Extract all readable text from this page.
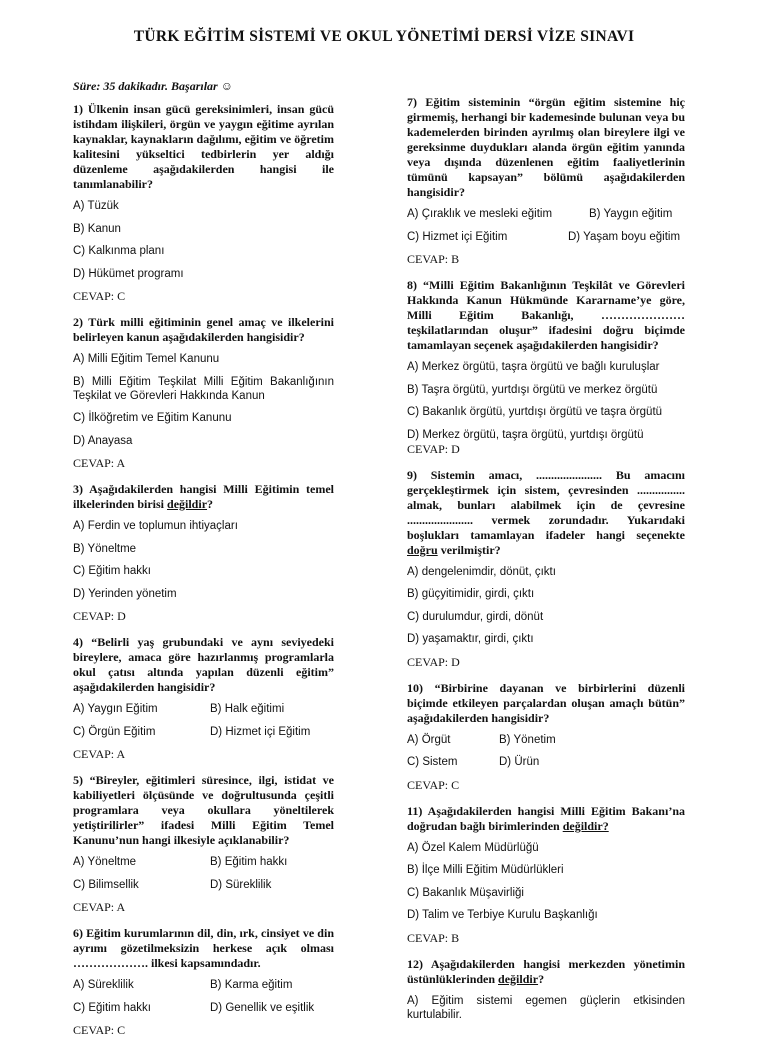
TÜRK EĞİTİM SİSTEMİ VE OKUL YÖNETİMİ DERSİ VİZE SINAVI
Süre: 35 dakikadır. Başarılar ☺
1) Ülkenin insan gücü gereksinimleri, insan gücü istihdam ilişkileri, örgün ve yaygın eğitime ayrılan kaynaklar, kaynakların dağılımı, eğitim ve öğretim kalitesini yükseltici tedbirlerin yer aldığı düzenleme aşağıdakilerden hangisi ile tanımlanabilir?
A) Tüzük
B) Kanun
C) Kalkınma planı
D) Hükümet programı
CEVAP: C
2) Türk milli eğitiminin genel amaç ve ilkelerini belirleyen kanun aşağıdakilerden hangisidir?
A) Milli Eğitim Temel Kanunu
B) Milli Eğitim Teşkilat Milli Eğitim Bakanlığının Teşkilat ve Görevleri Hakkında Kanun
C) İlköğretim ve Eğitim Kanunu
D) Anayasa
CEVAP: A
3) Aşağıdakilerden hangisi Milli Eğitimin temel ilkelerinden birisi değildir?
A) Ferdin ve toplumun ihtiyaçları
B) Yöneltme
C) Eğitim hakkı
D) Yerinden yönetim
CEVAP: D
4) “Belirli yaş grubundaki ve aynı seviyedeki bireylere, amaca göre hazırlanmış programlarla okul çatısı altında yapılan düzenli eğitim” aşağıdakilerden hangisidir?
A) Yaygın Eğitim	B) Halk eğitimi
C) Örgün Eğitim	D) Hizmet içi Eğitim
CEVAP: A
5) “Bireyler, eğitimleri süresince, ilgi, istidat ve kabiliyetleri ölçüsünde ve doğrultusunda çeşitli programlara veya okullara yöneltilerek yetiştirilirler” ifadesi Milli Eğitim Temel Kanunu’nun hangi ilkesiyle açıklanabilir?
A) Yöneltme	B) Eğitim hakkı
C) Bilimsellik	D) Süreklilik
CEVAP: A
6) Eğitim kurumlarının dil, din, ırk, cinsiyet ve din ayrımı gözetilmeksizin herkese açık olması ………………. ilkesi kapsamındadır.
A) Süreklilik	B) Karma eğitim
C) Eğitim hakkı	D) Genellik ve eşitlik
CEVAP: C
7) Eğitim sisteminin “örgün eğitim sistemine hiç girmemiş, herhangi bir kademesinde bulunan veya bu kademelerden birinden ayrılmış olan bireylere ilgi ve gereksinme duydukları alanda örgün eğitim yanında veya dışında düzenlenen eğitim faaliyetlerinin tümünü kapsayan” bölümü aşağıdakilerden hangisidir?
A) Çıraklık ve mesleki eğitim	B) Yaygın eğitim
C) Hizmet içi Eğitim	D) Yaşam boyu eğitim
CEVAP: B
8) “Milli Eğitim Bakanlığının Teşkilât ve Görevleri Hakkında Kanun Hükmünde Kararname’ye göre, Milli Eğitim Bakanlığı, ………………… teşkilatlarından oluşur” ifadesini doğru biçimde tamamlayan seçenek aşağıdakilerden hangisidir?
A) Merkez örgütü, taşra örgütü ve bağlı kuruluşlar
B) Taşra örgütü, yurtdışı örgütü ve merkez örgütü
C) Bakanlık örgütü, yurtdışı örgütü ve taşra örgütü
D) Merkez örgütü, taşra örgütü, yurtdışı örgütü
CEVAP: D
9) Sistemin amacı, ...................... Bu amacını gerçekleştirmek için sistem, çevresinden ................ almak, bunları alabilmek için de çevresine ...................... vermek zorundadır. Yukarıdaki boşlukları tamamlayan ifadeler hangi seçenekte doğru verilmiştir?
A) dengelenimdir, dönüt, çıktı
B) güçyitimidir, girdi, çıktı
C) durulumdur, girdi, dönüt
D) yaşamaktır, girdi, çıktı
CEVAP: D
10) “Birbirine dayanan ve birbirlerini düzenli biçimde etkileyen parçalardan oluşan amaçlı bütün” aşağıdakilerden hangisidir?
A) Örgüt	B) Yönetim
C) Sistem	D) Ürün
CEVAP: C
11) Aşağıdakilerden hangisi Milli Eğitim Bakanı’na doğrudan bağlı birimlerinden değildir?
A) Özel Kalem Müdürlüğü
B) İlçe Milli Eğitim Müdürlükleri
C) Bakanlık Müşavirliği
D) Talim ve Terbiye Kurulu Başkanlığı
CEVAP: B
12) Aşağıdakilerden hangisi merkezden yönetimin üstünlüklerinden değildir?
A) Eğitim sistemi egemen güçlerin etkisinden kurtulabilir.
